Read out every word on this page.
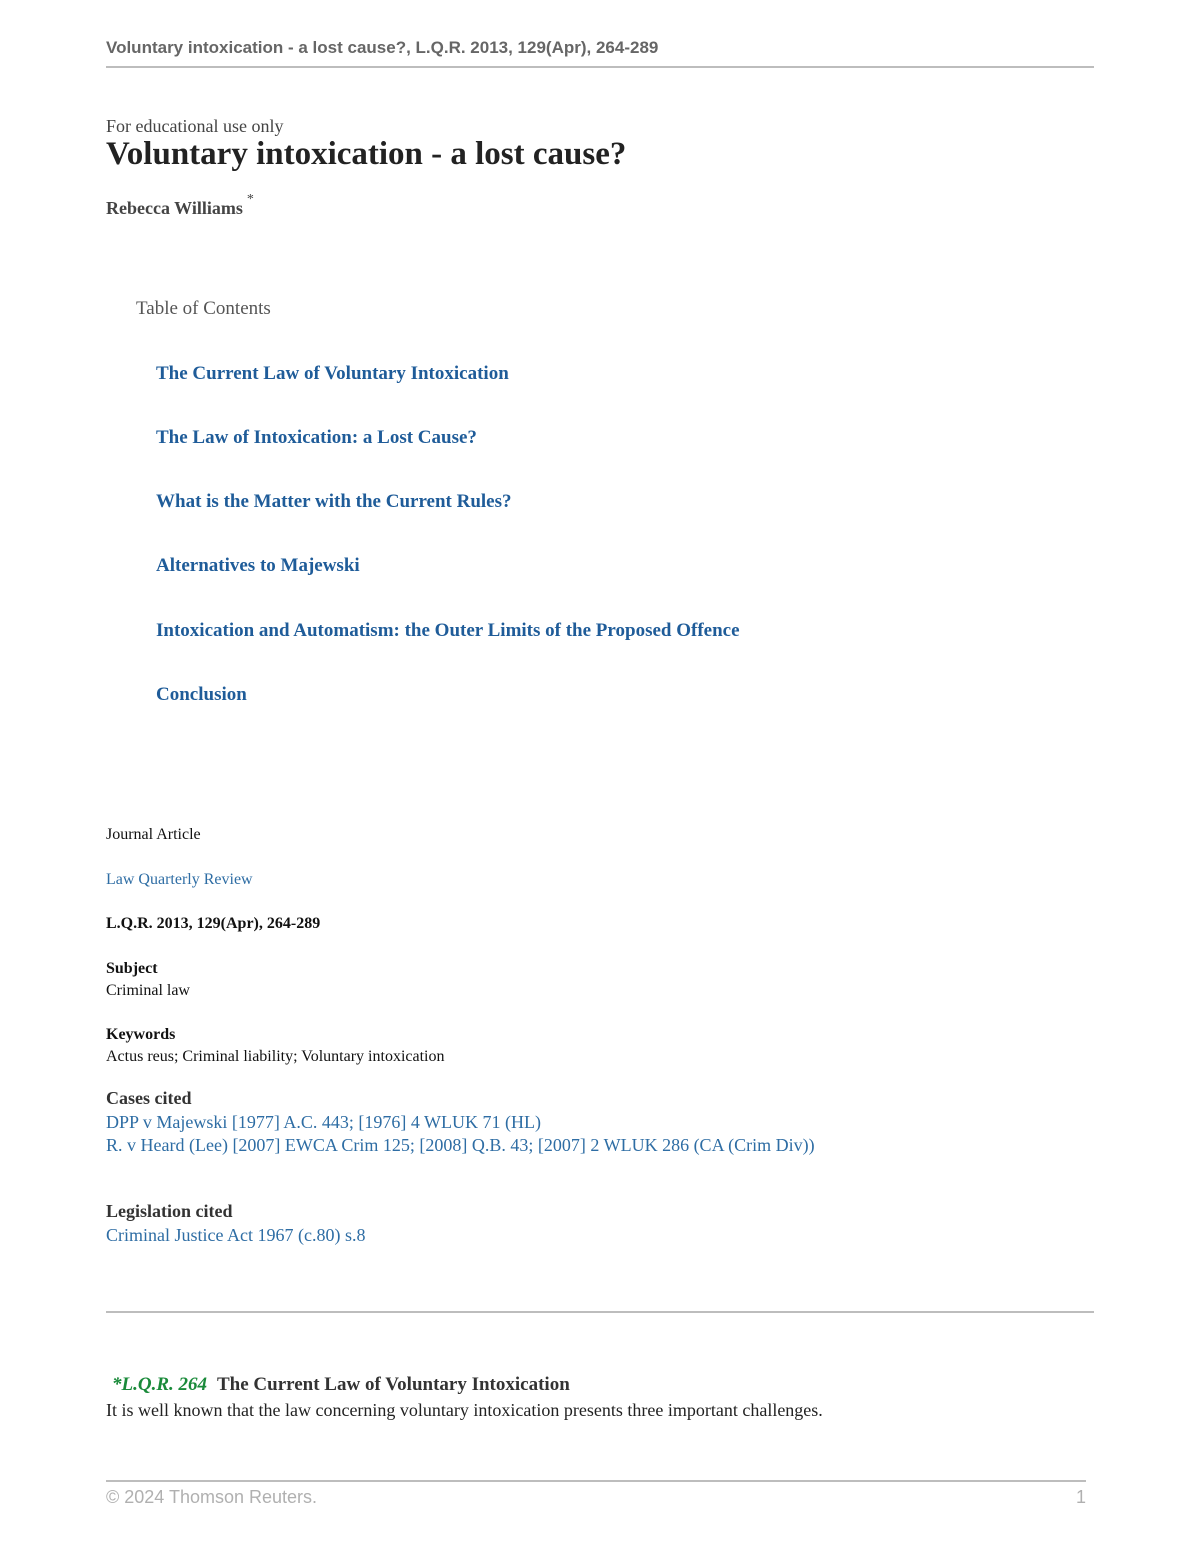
Voluntary intoxication - a lost cause?, L.Q.R. 2013, 129(Apr), 264-289
For educational use only
Voluntary intoxication - a lost cause?
Rebecca Williams *
Table of Contents
The Current Law of Voluntary Intoxication
The Law of Intoxication: a Lost Cause?
What is the Matter with the Current Rules?
Alternatives to Majewski
Intoxication and Automatism: the Outer Limits of the Proposed Offence
Conclusion
Journal Article
Law Quarterly Review
L.Q.R. 2013, 129(Apr), 264-289
Subject
Criminal law
Keywords
Actus reus; Criminal liability; Voluntary intoxication
Cases cited
DPP v Majewski [1977] A.C. 443; [1976] 4 WLUK 71 (HL)
R. v Heard (Lee) [2007] EWCA Crim 125; [2008] Q.B. 43; [2007] 2 WLUK 286 (CA (Crim Div))
Legislation cited
Criminal Justice Act 1967 (c.80) s.8
*L.Q.R. 264 The Current Law of Voluntary Intoxication
It is well known that the law concerning voluntary intoxication presents three important challenges.
© 2024 Thomson Reuters.	1
